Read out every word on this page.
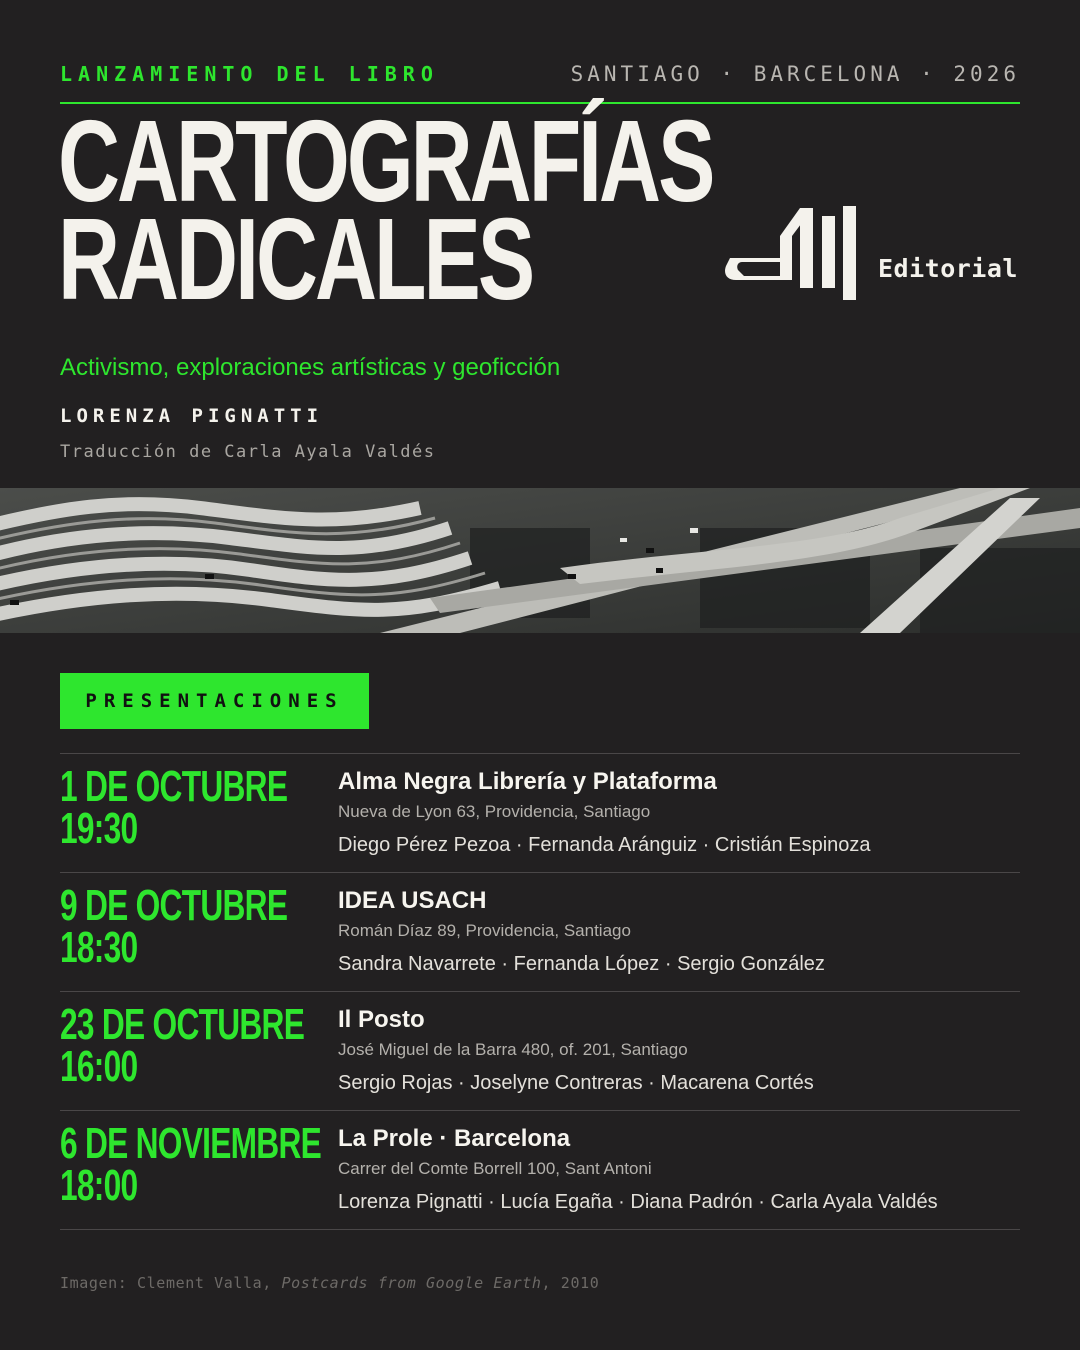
LANZAMIENTO DEL LIBRO	SANTIAGO · BARCELONA · 2026
CARTOGRAFÍAS
RADICALES	Editorial
Activismo, exploraciones artísticas y geoficción
LORENZA PIGNATTI
Traducción de Carla Ayala Valdés
PRESENTACIONES
1 DE OCTUBRE
19:30
Alma Negra Librería y Plataforma
Nueva de Lyon 63, Providencia, Santiago
Diego Pérez Pezoa · Fernanda Aránguiz · Cristián Espinoza
9 DE OCTUBRE
18:30
IDEA USACH
Román Díaz 89, Providencia, Santiago
Sandra Navarrete · Fernanda López · Sergio González
23 DE OCTUBRE
16:00
Il Posto
José Miguel de la Barra 480, of. 201, Santiago
Sergio Rojas · Joselyne Contreras · Macarena Cortés
6 DE NOVIEMBRE
18:00
La Prole · Barcelona
Carrer del Comte Borrell 100, Sant Antoni
Lorenza Pignatti · Lucía Egaña · Diana Padrón · Carla Ayala Valdés
Imagen: Clement Valla, Postcards from Google Earth, 2010
